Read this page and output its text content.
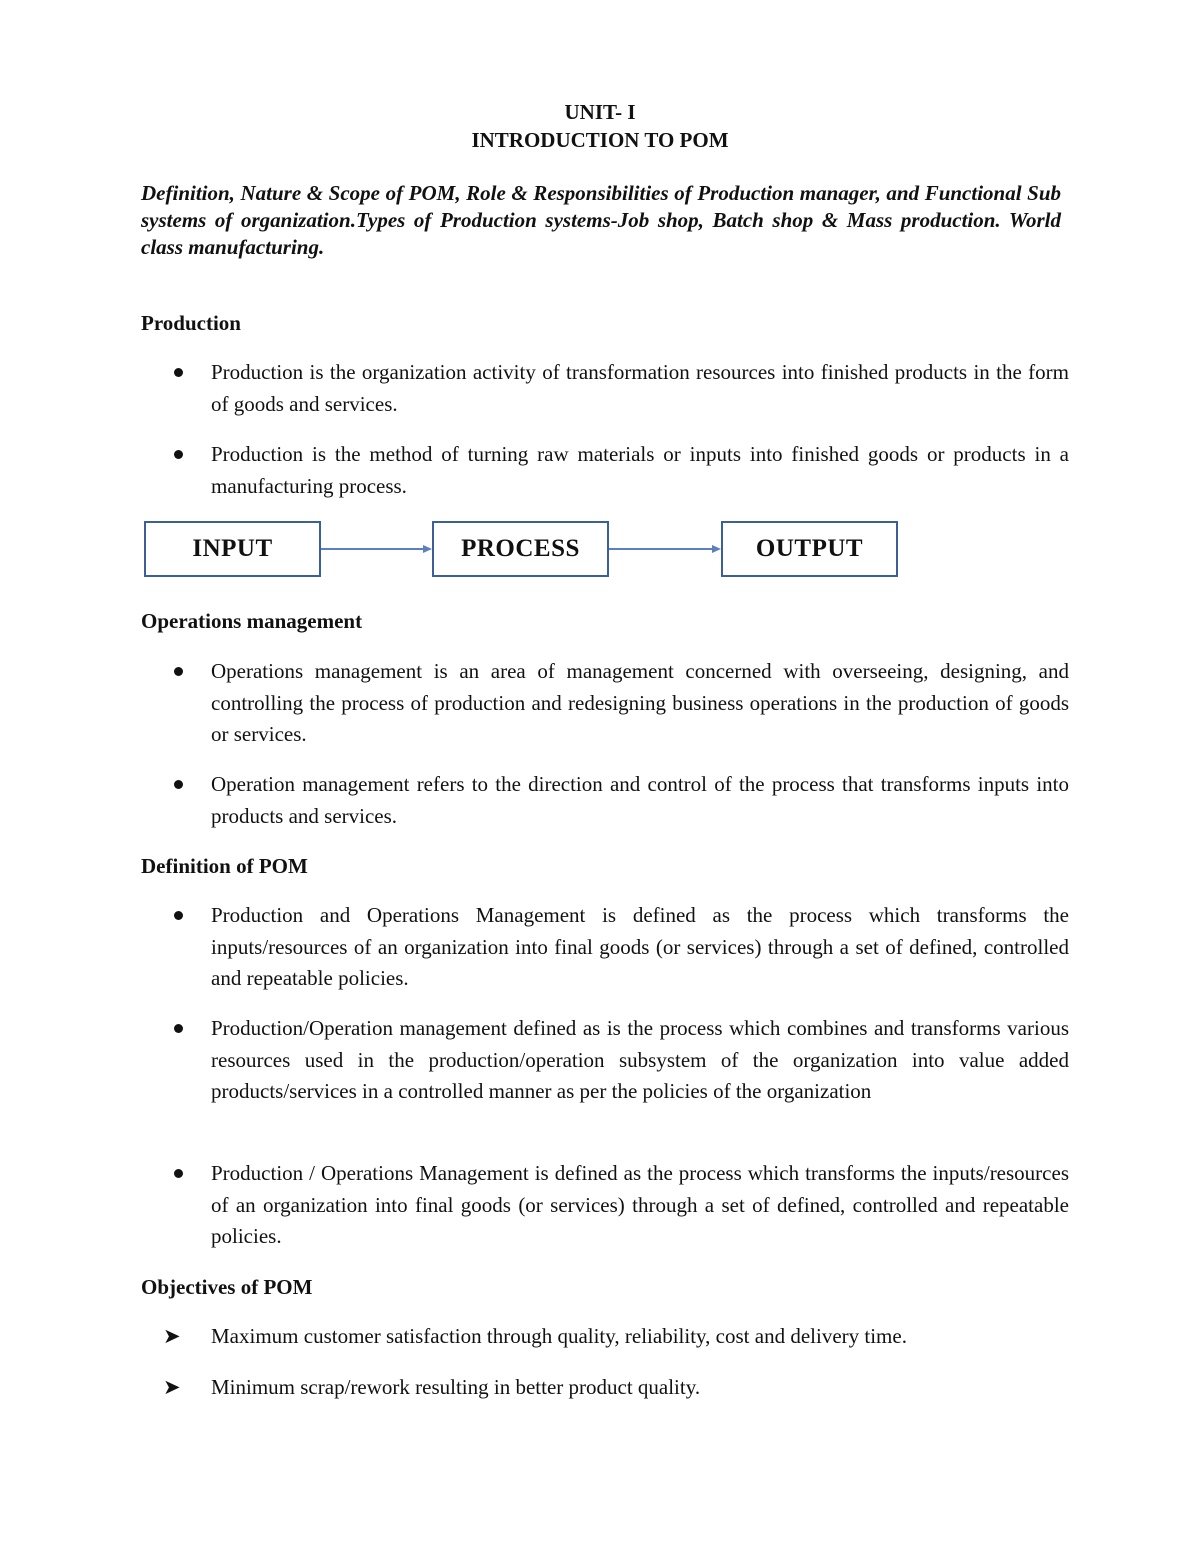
UNIT- I
INTRODUCTION TO POM
Definition, Nature & Scope of POM, Role & Responsibilities of Production manager, and Functional Sub systems of organization.Types of Production systems-Job shop, Batch shop & Mass production. World class manufacturing.
Production
Production is the organization activity of transformation resources into finished products in the form of goods and services.
Production is the method of turning raw materials or inputs into finished goods or products in a manufacturing process.
INPUT	PROCESS	OUTPUT
Operations management
Operations management is an area of management concerned with overseeing, designing, and controlling the process of production and redesigning business operations in the production of goods or services.
Operation management refers to the direction and control of the process that transforms inputs into products and services.
Definition of POM
Production and Operations Management is defined as the process which transforms the inputs/resources of an organization into final goods (or services) through a set of defined, controlled and repeatable policies.
Production/Operation management defined as is the process which combines and transforms various resources used in the production/operation subsystem of the organization into value added products/services in a controlled manner as per the policies of the organization
Production / Operations Management is defined as the process which transforms the inputs/resources of an organization into final goods (or services) through a set of defined, controlled and repeatable policies.
Objectives of POM
➤ Maximum customer satisfaction through quality, reliability, cost and delivery time.
➤ Minimum scrap/rework resulting in better product quality.
